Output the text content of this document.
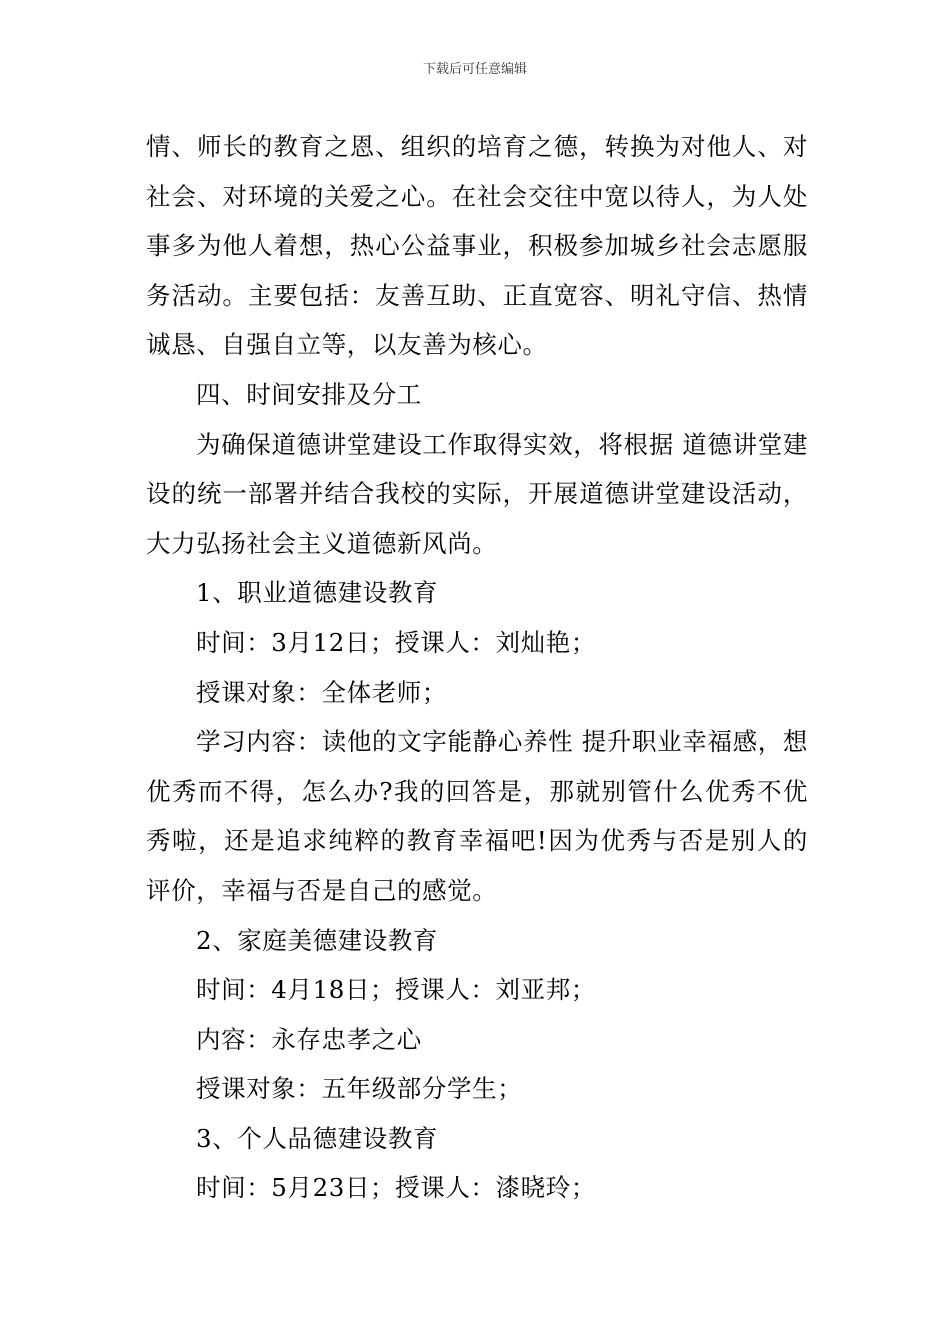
下载后可任意编辑

情、师长的教育之恩、组织的培育之德，转换为对他人、对社会、对环境的关爱之心。在社会交往中宽以待人，为人处事多为他人着想，热心公益事业，积极参加城乡社会志愿服务活动。主要包括：友善互助、正直宽容、明礼守信、热情诚恳、自强自立等，以友善为核心。

四、时间安排及分工

为确保道德讲堂建设工作取得实效，将根据 道德讲堂建设的统一部署并结合我校的实际，开展道德讲堂建设活动，大力弘扬社会主义道德新风尚。

1、职业道德建设教育

时间：3月12日；授课人：刘灿艳；

授课对象：全体老师；

学习内容：读他的文字能静心养性 提升职业幸福感，想优秀而不得，怎么办?我的回答是，那就别管什么优秀不优秀啦，还是追求纯粹的教育幸福吧!因为优秀与否是别人的评价，幸福与否是自己的感觉。

2、家庭美德建设教育

时间：4月18日；授课人：刘亚邦；

内容：永存忠孝之心

授课对象：五年级部分学生；

3、个人品德建设教育

时间：5月23日；授课人：漆晓玲；
